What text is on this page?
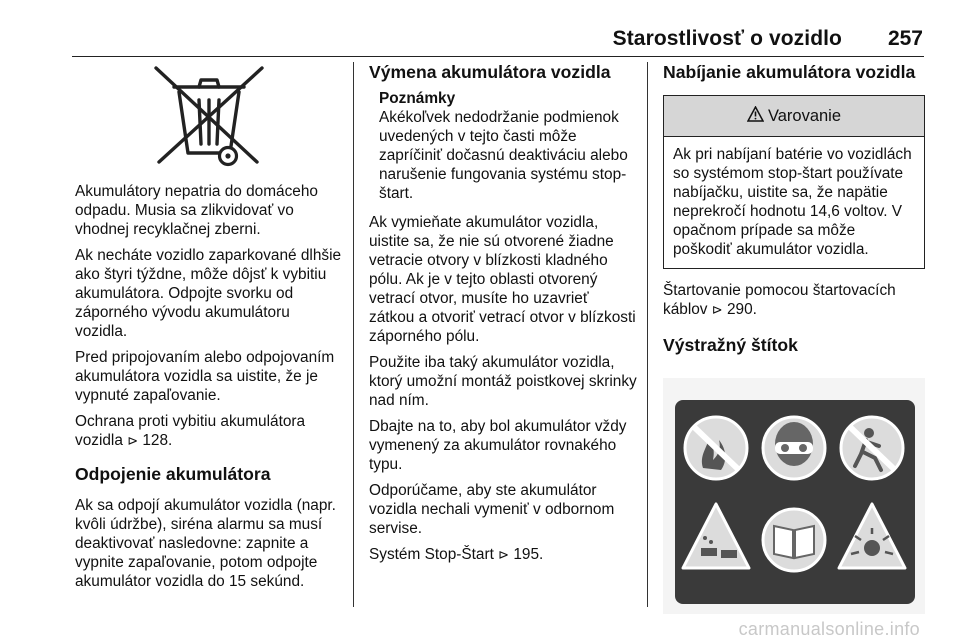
Starostlivosť o vozidlo 257

Akumulátory nepatria do domáceho odpadu. Musia sa zlikvidovať vo vhodnej recyklačnej zberni.

Ak necháte vozidlo zaparkované dlhšie ako štyri týždne, môže dôjsť k vybitiu akumulátora. Odpojte svorku od záporného vývodu akumulátoru vozidla.

Pred pripojovaním alebo odpojovaním akumulátora vozidla sa uistite, že je vypnuté zapaľovanie.

Ochrana proti vybitiu akumulátora vozidla ⊳ 128.

Odpojenie akumulátora

Ak sa odpojí akumulátor vozidla (napr. kvôli údržbe), siréna alarmu sa musí deaktivovať nasledovne: zapnite a vypnite zapaľovanie, potom odpojte akumulátor vozidla do 15 sekúnd.

Výmena akumulátora vozidla
Poznámky
Akékoľvek nedodržanie podmienok uvedených v tejto časti môže zapríčiniť dočasnú deaktiváciu alebo narušenie fungovania systému stop-štart.

Ak vymieňate akumulátor vozidla, uistite sa, že nie sú otvorené žiadne vetracie otvory v blízkosti kladného pólu. Ak je v tejto oblasti otvorený vetrací otvor, musíte ho uzavrieť zátkou a otvoriť vetrací otvor v blízkosti záporného pólu.

Použite iba taký akumulátor vozidla, ktorý umožní montáž poistkovej skrinky nad ním.

Dbajte na to, aby bol akumulátor vždy vymenený za akumulátor rovnakého typu.

Odporúčame, aby ste akumulátor vozidla nechali vymeniť v odbornom servise.

Systém Stop-Štart ⊳ 195.

Nabíjanie akumulátora vozidla
Varovanie
Ak pri nabíjaní batérie vo vozidlách so systémom stop-štart používate nabíjačku, uistite sa, že napätie neprekročí hodnotu 14,6 voltov. V opačnom prípade sa môže poškodiť akumulátor vozidla.

Štartovanie pomocou štartovacích káblov ⊳ 290.

Výstražný štítok
carmanualsonline.info
